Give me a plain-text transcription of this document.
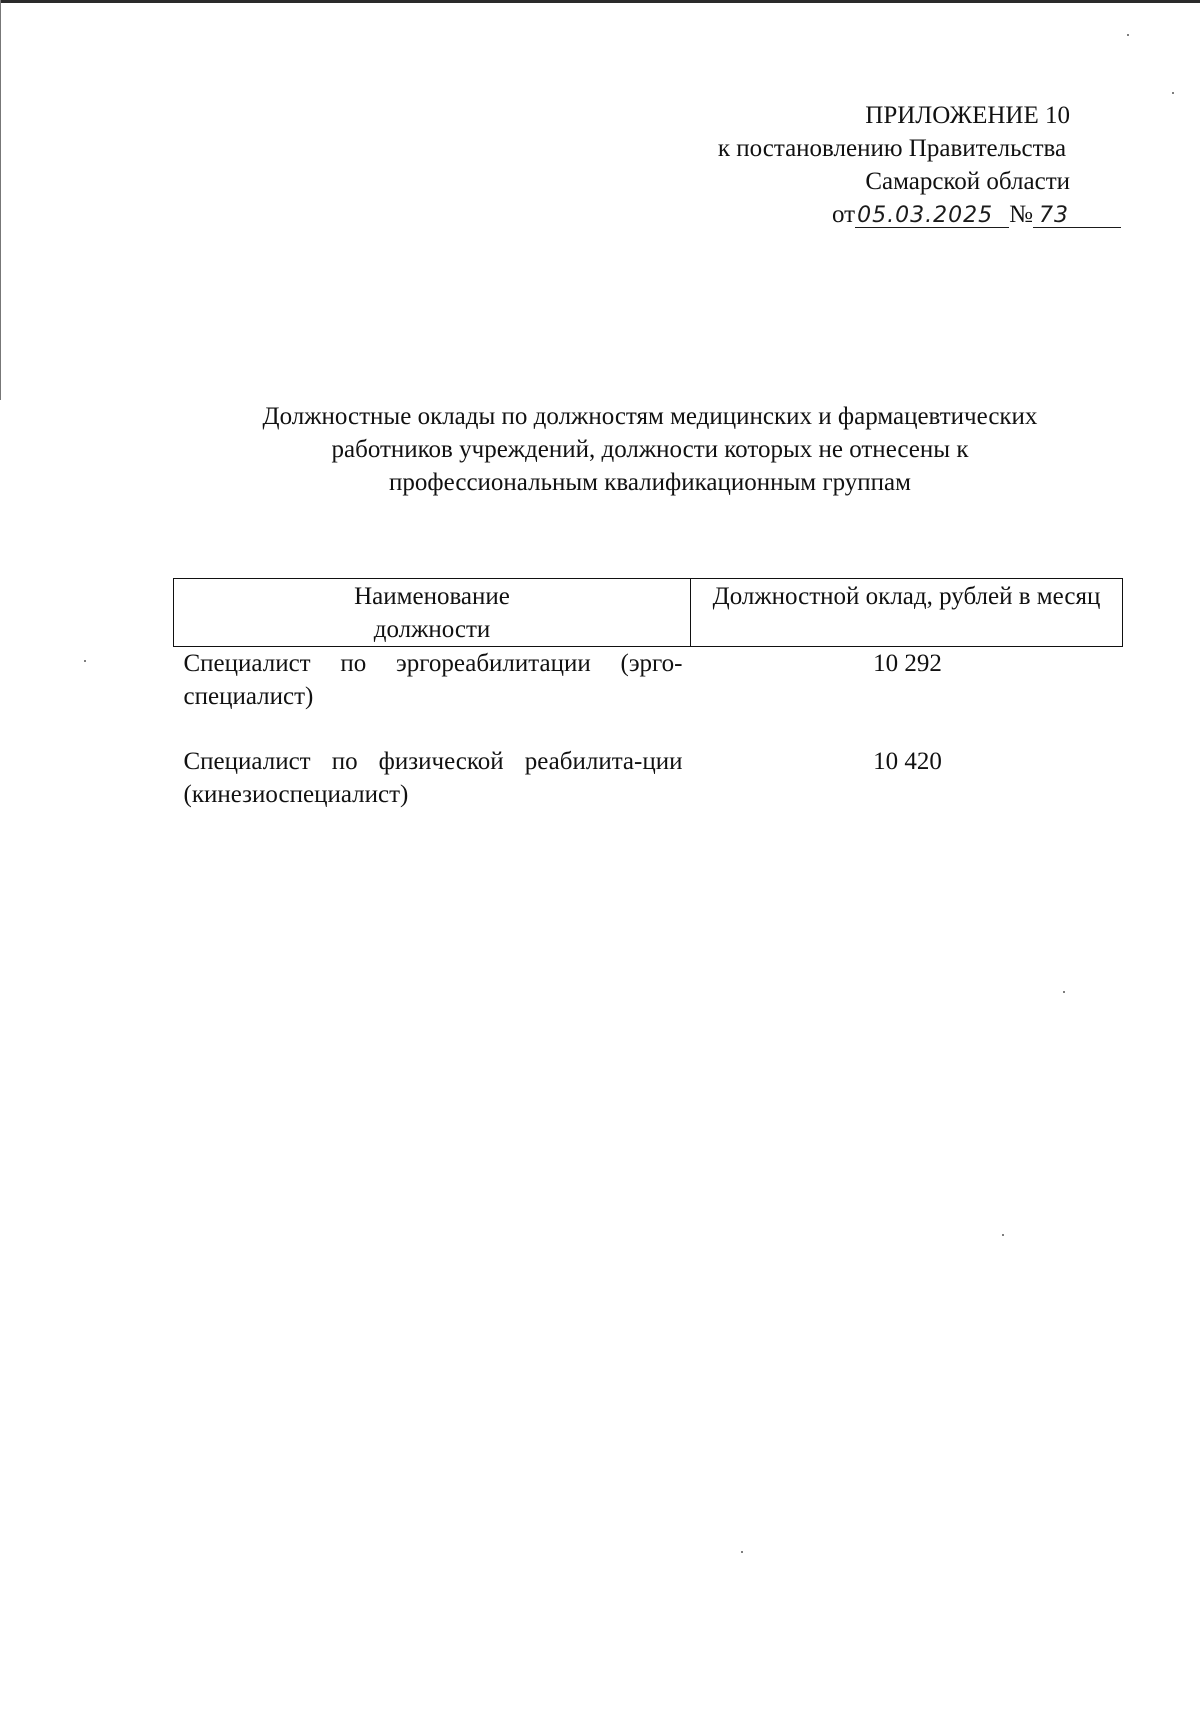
ПРИЛОЖЕНИЕ 10
к постановлению Правительства
Самарской области
от05.03.2025 № 73
Должностные оклады по должностям медицинских и фармацевтических
работников учреждений, должности которых не отнесены к
профессиональным квалификационным группам
Наименование
должности	Должностной оклад, рублей в месяц
Специалист по эргореабилитации (эрго-специалист)	10 292

Специалист по физической реабилита-ции (кинезиоспециалист)	10 420
